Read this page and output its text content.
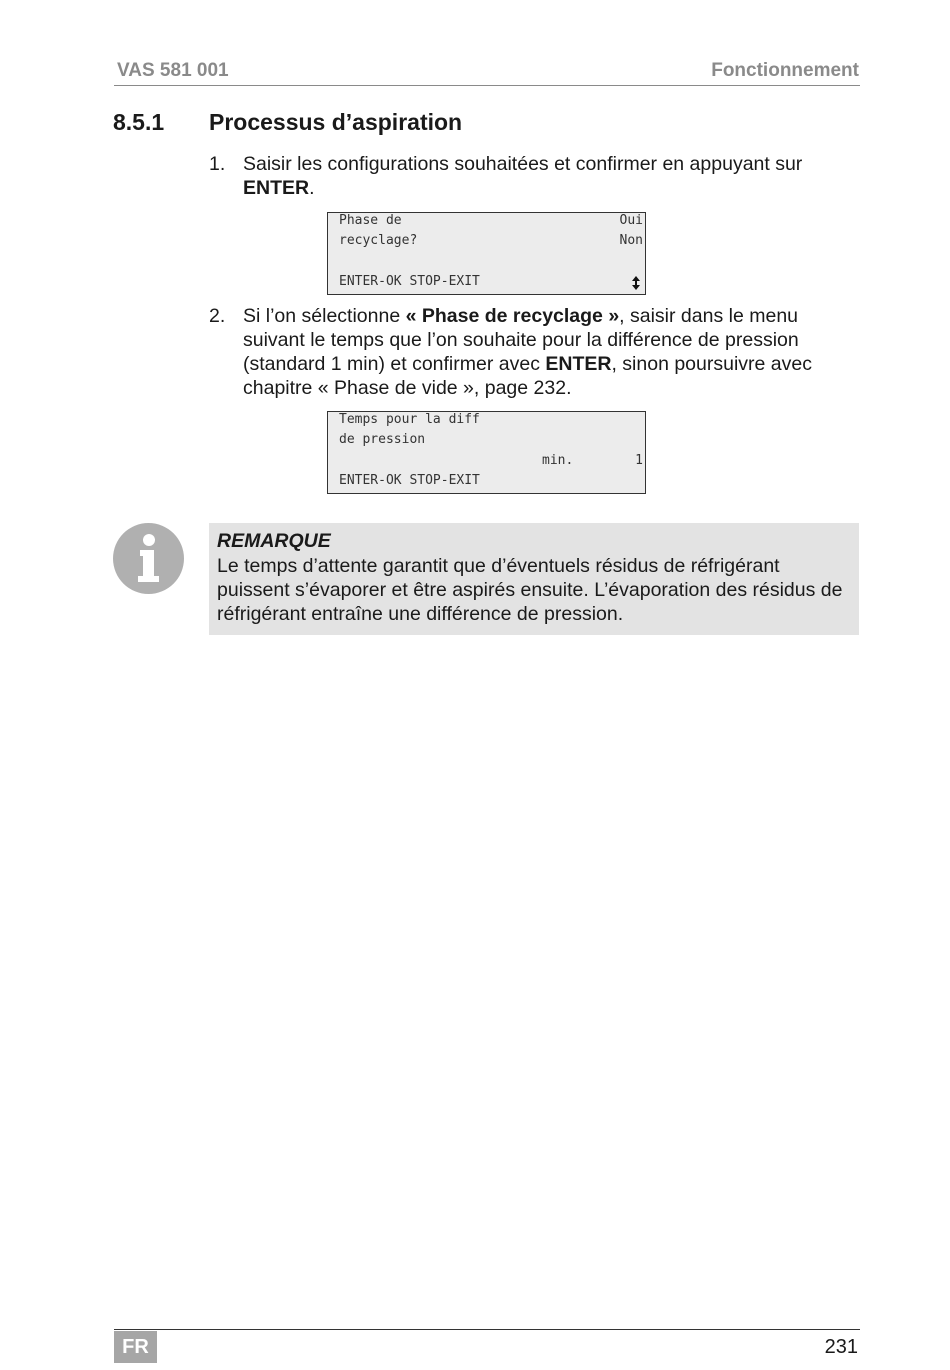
VAS 581 001	Fonctionnement
8.5.1 Processus d’aspiration
1. Saisir les configurations souhaitées et confirmer en appuyant sur ENTER.
Phase de	Oui
recyclage?	Non
ENTER-OK STOP-EXIT
2. Si l’on sélectionne « Phase de recyclage », saisir dans le menu suivant le temps que l’on souhaite pour la différence de pression (standard 1 min) et confirmer avec ENTER, sinon poursuivre avec chapitre « Phase de vide », page 232.
Temps pour la diff
de pression
min.	1
ENTER-OK STOP-EXIT
REMARQUE
Le temps d’attente garantit que d’éventuels résidus de réfrigérant puissent s’évaporer et être aspirés ensuite. L’évaporation des résidus de réfrigérant entraîne une différence de pression.
FR	231
